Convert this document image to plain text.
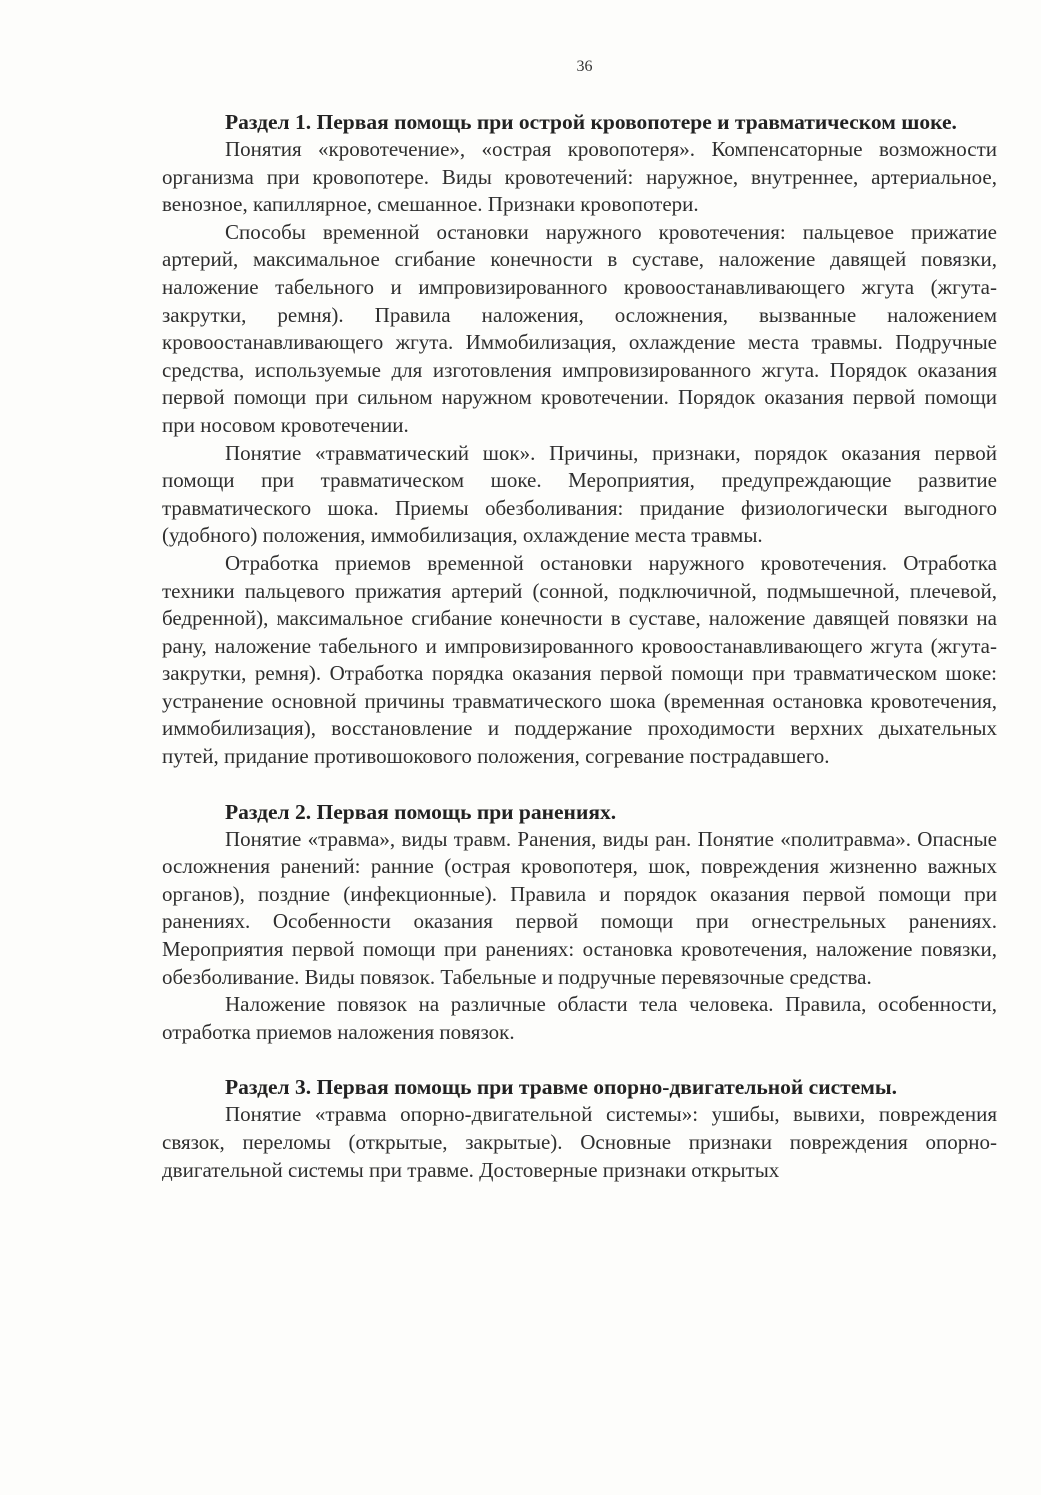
36

Раздел 1. Первая помощь при острой кровопотере и травматическом шоке.

Понятия «кровотечение», «острая кровопотеря». Компенсаторные возможности организма при кровопотере. Виды кровотечений: наружное, внутреннее, артериальное, венозное, капиллярное, смешанное. Признаки кровопотери.

Способы временной остановки наружного кровотечения: пальцевое прижатие артерий, максимальное сгибание конечности в суставе, наложение давящей повязки, наложение табельного и импровизированного кровоостанавливающего жгута (жгута-закрутки, ремня). Правила наложения, осложнения, вызванные наложением кровоостанавливающего жгута. Иммобилизация, охлаждение места травмы. Подручные средства, используемые для изготовления импровизированного жгута. Порядок оказания первой помощи при сильном наружном кровотечении. Порядок оказания первой помощи при носовом кровотечении.

Понятие «травматический шок». Причины, признаки, порядок оказания первой помощи при травматическом шоке. Мероприятия, предупреждающие развитие травматического шока. Приемы обезболивания: придание физиологически выгодного (удобного) положения, иммобилизация, охлаждение места травмы.

Отработка приемов временной остановки наружного кровотечения. Отработка техники пальцевого прижатия артерий (сонной, подключичной, подмышечной, плечевой, бедренной), максимальное сгибание конечности в суставе, наложение давящей повязки на рану, наложение табельного и импровизированного кровоостанавливающего жгута (жгута-закрутки, ремня). Отработка порядка оказания первой помощи при травматическом шоке: устранение основной причины травматического шока (временная остановка кровотечения, иммобилизация), восстановление и поддержание проходимости верхних дыхательных путей, придание противошокового положения, согревание пострадавшего.

Раздел 2. Первая помощь при ранениях.

Понятие «травма», виды травм. Ранения, виды ран. Понятие «политравма». Опасные осложнения ранений: ранние (острая кровопотеря, шок, повреждения жизненно важных органов), поздние (инфекционные). Правила и порядок оказания первой помощи при ранениях. Особенности оказания первой помощи при огнестрельных ранениях. Мероприятия первой помощи при ранениях: остановка кровотечения, наложение повязки, обезболивание. Виды повязок. Табельные и подручные перевязочные средства.

Наложение повязок на различные области тела человека. Правила, особенности, отработка приемов наложения повязок.

Раздел 3. Первая помощь при травме опорно-двигательной системы.

Понятие «травма опорно-двигательной системы»: ушибы, вывихи, повреждения связок, переломы (открытые, закрытые). Основные признаки повреждения опорно-двигательной системы при травме. Достоверные признаки открытых
